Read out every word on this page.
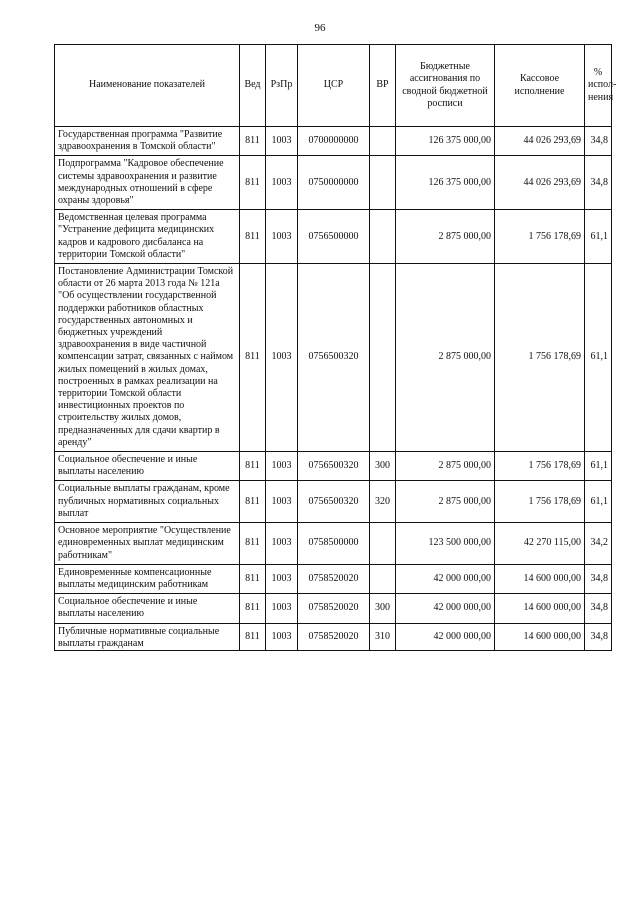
96
Наименование показателей	Вед	РзПр	ЦСР	ВР	Бюджетные ассигнования по сводной бюджетной росписи	Кассовое исполнение	% испол-нения
Государственная программа "Развитие здравоохранения в Томской области"	811	1003	0700000000		126 375 000,00	44 026 293,69	34,8
Подпрограмма "Кадровое обеспечение системы здравоохранения и развитие международных отношений в сфере охраны здоровья"	811	1003	0750000000		126 375 000,00	44 026 293,69	34,8
Ведомственная целевая программа "Устранение дефицита медицинских кадров и кадрового дисбаланса на территории Томской области"	811	1003	0756500000		2 875 000,00	1 756 178,69	61,1
Постановление Администрации Томской области от 26 марта 2013 года № 121а "Об осуществлении государственной поддержки работников областных государственных автономных и бюджетных учреждений здравоохранения в виде частичной компенсации затрат, связанных с наймом жилых помещений в жилых домах, построенных в рамках реализации на территории Томской области инвестиционных проектов по строительству жилых домов, предназначенных для сдачи квартир в аренду"	811	1003	0756500320		2 875 000,00	1 756 178,69	61,1
Социальное обеспечение и иные выплаты населению	811	1003	0756500320	300	2 875 000,00	1 756 178,69	61,1
Социальные выплаты гражданам, кроме публичных нормативных социальных выплат	811	1003	0756500320	320	2 875 000,00	1 756 178,69	61,1
Основное мероприятие "Осуществление единовременных выплат медицинским работникам"	811	1003	0758500000		123 500 000,00	42 270 115,00	34,2
Единовременные компенсационные выплаты медицинским работникам	811	1003	0758520020		42 000 000,00	14 600 000,00	34,8
Социальное обеспечение и иные выплаты населению	811	1003	0758520020	300	42 000 000,00	14 600 000,00	34,8
Публичные нормативные социальные выплаты гражданам	811	1003	0758520020	310	42 000 000,00	14 600 000,00	34,8
